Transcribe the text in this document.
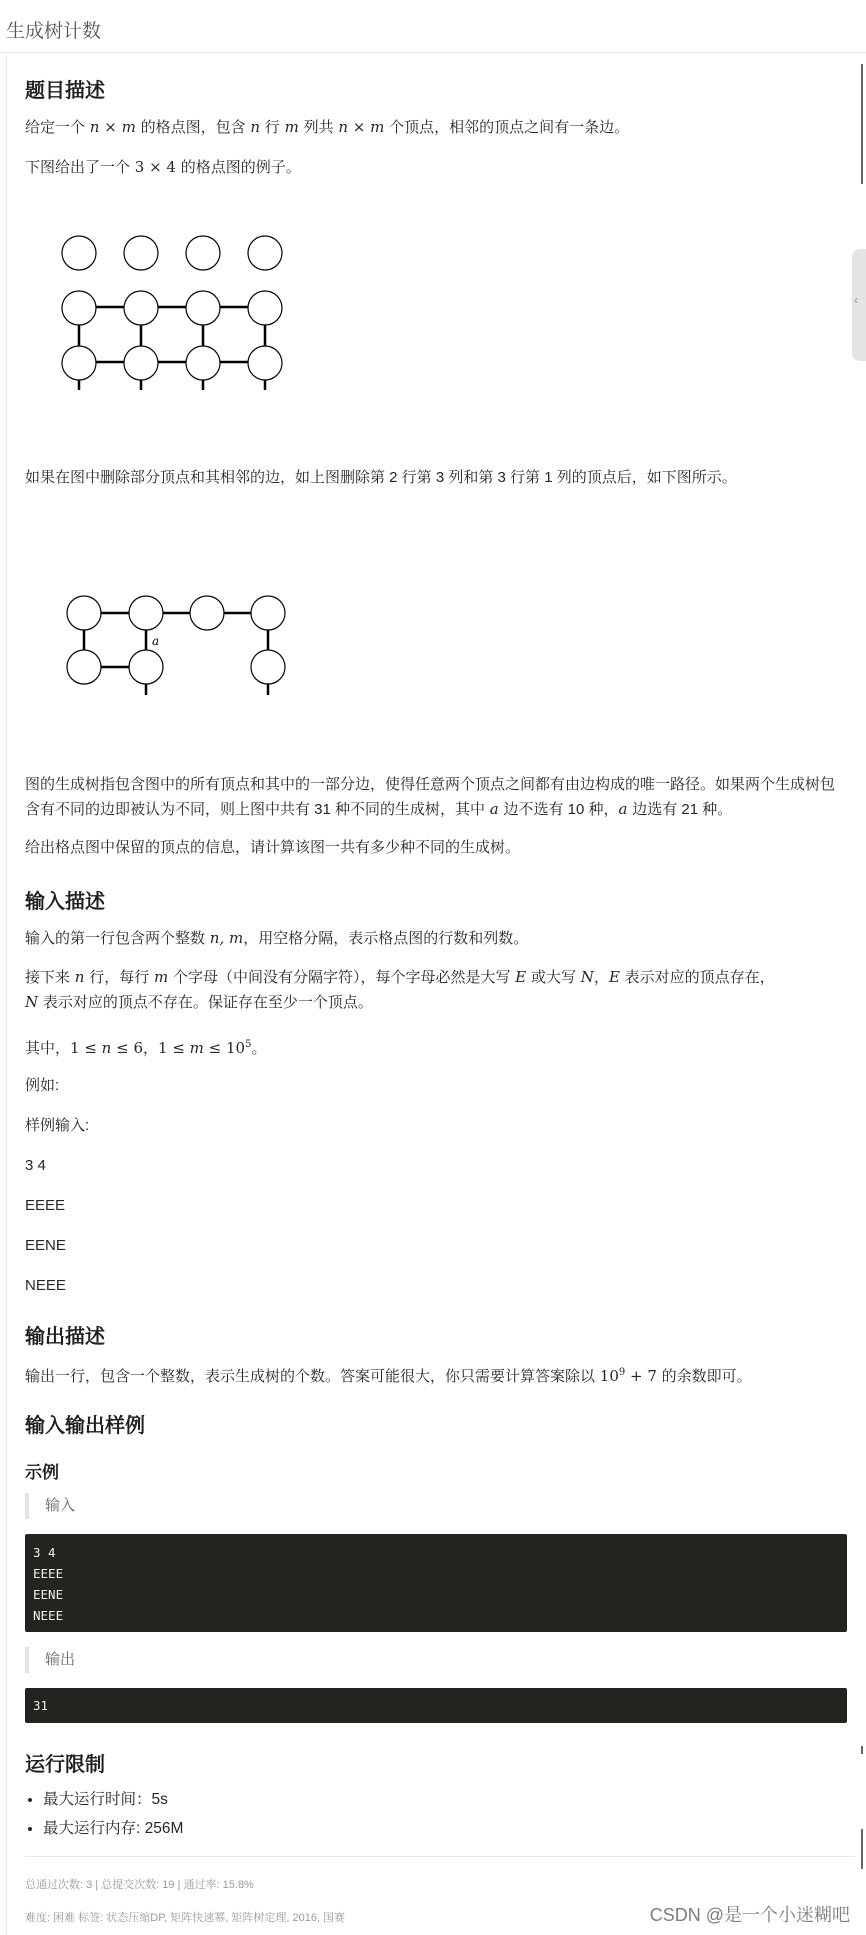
生成树计数
题目描述

给定一个 n × m 的格点图，包含 n 行 m 列共 n × m 个顶点，相邻的顶点之间有一条边。

下图给出了一个 3 × 4 的格点图的例子。

如果在图中删除部分顶点和其相邻的边，如上图删除第 2 行第 3 列和第 3 行第 1 列的顶点后，如下图所示。

a

图的生成树指包含图中的所有顶点和其中的一部分边，使得任意两个顶点之间都有由边构成的唯一路径。如果两个生成树包含有不同的边即被认为不同，则上图中共有 31 种不同的生成树，其中 a 边不选有 10 种，a 边选有 21 种。

给出格点图中保留的顶点的信息，请计算该图一共有多少种不同的生成树。

输入描述

输入的第一行包含两个整数 n, m，用空格分隔，表示格点图的行数和列数。

接下来 n 行，每行 m 个字母（中间没有分隔字符），每个字母必然是大写 E 或大写 N，E 表示对应的顶点存在，
N 表示对应的顶点不存在。保证存在至少一个顶点。

其中，1 ≤ n ≤ 6，$1 \le m \le 10^5$。

例如:

样例输入:

3 4

EEEE

EENE

NEEE

输出描述

输出一行，包含一个整数，表示生成树的个数。答案可能很大，你只需要计算答案除以 $10^9 + 7$ 的余数即可。

输入输出样例
示例
输入
3 4
EEEE
EENE
NEEE
输出
31
运行限制
• 最大运行时间：5s
• 最大运行内存: 256M
总通过次数: 3 | 总提交次数: 19 | 通过率: 15.8%
难度: 困难 标签: 状态压缩DP, 矩阵快速幂, 矩阵树定理, 2016, 国赛
‹
CSDN @是一个小迷糊吧
